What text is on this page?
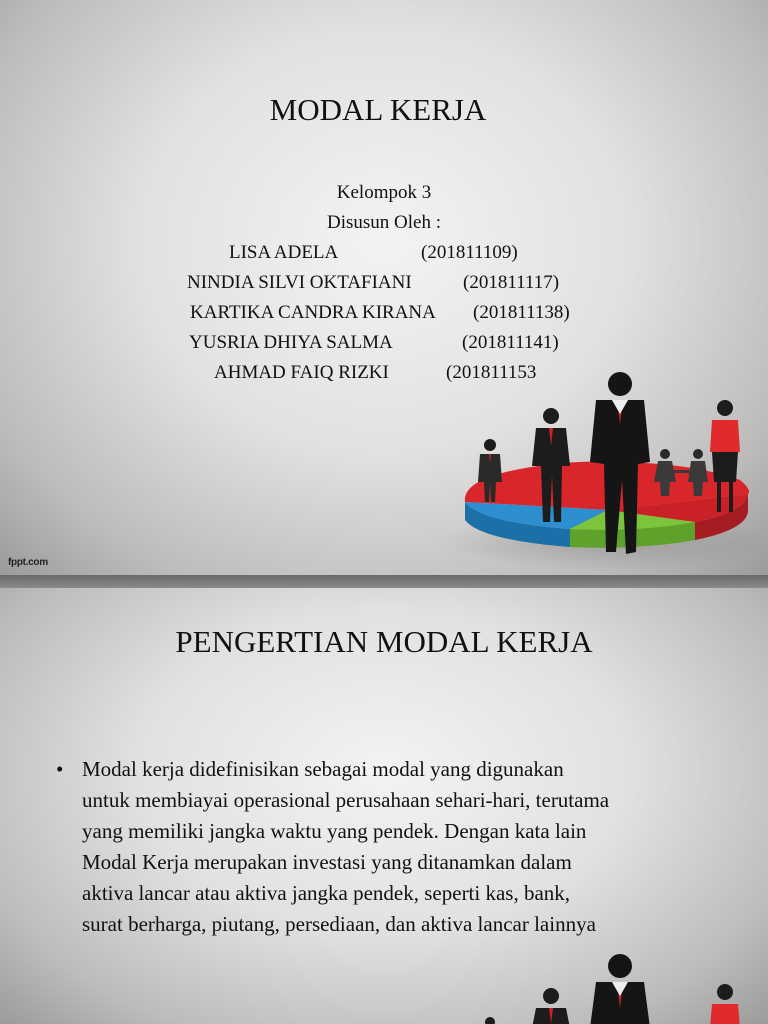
MODAL KERJA
Kelompok 3
Disusun Oleh :
LISA ADELA	(201811109)
NINDIA SILVI OKTAFIANI	(201811117)
KARTIKA CANDRA KIRANA (201811138)
YUSRIA DHIYA SALMA	(201811141)
AHMAD FAIQ RIZKI	(201811153
fppt.com
PENGERTIAN MODAL KERJA
• Modal kerja didefinisikan sebagai modal yang digunakan
untuk membiayai operasional perusahaan sehari-hari, terutama
yang memiliki jangka waktu yang pendek. Dengan kata lain
Modal Kerja merupakan investasi yang ditanamkan dalam
aktiva lancar atau aktiva jangka pendek, seperti kas, bank,
surat berharga, piutang, persediaan, dan aktiva lancar lainnya
